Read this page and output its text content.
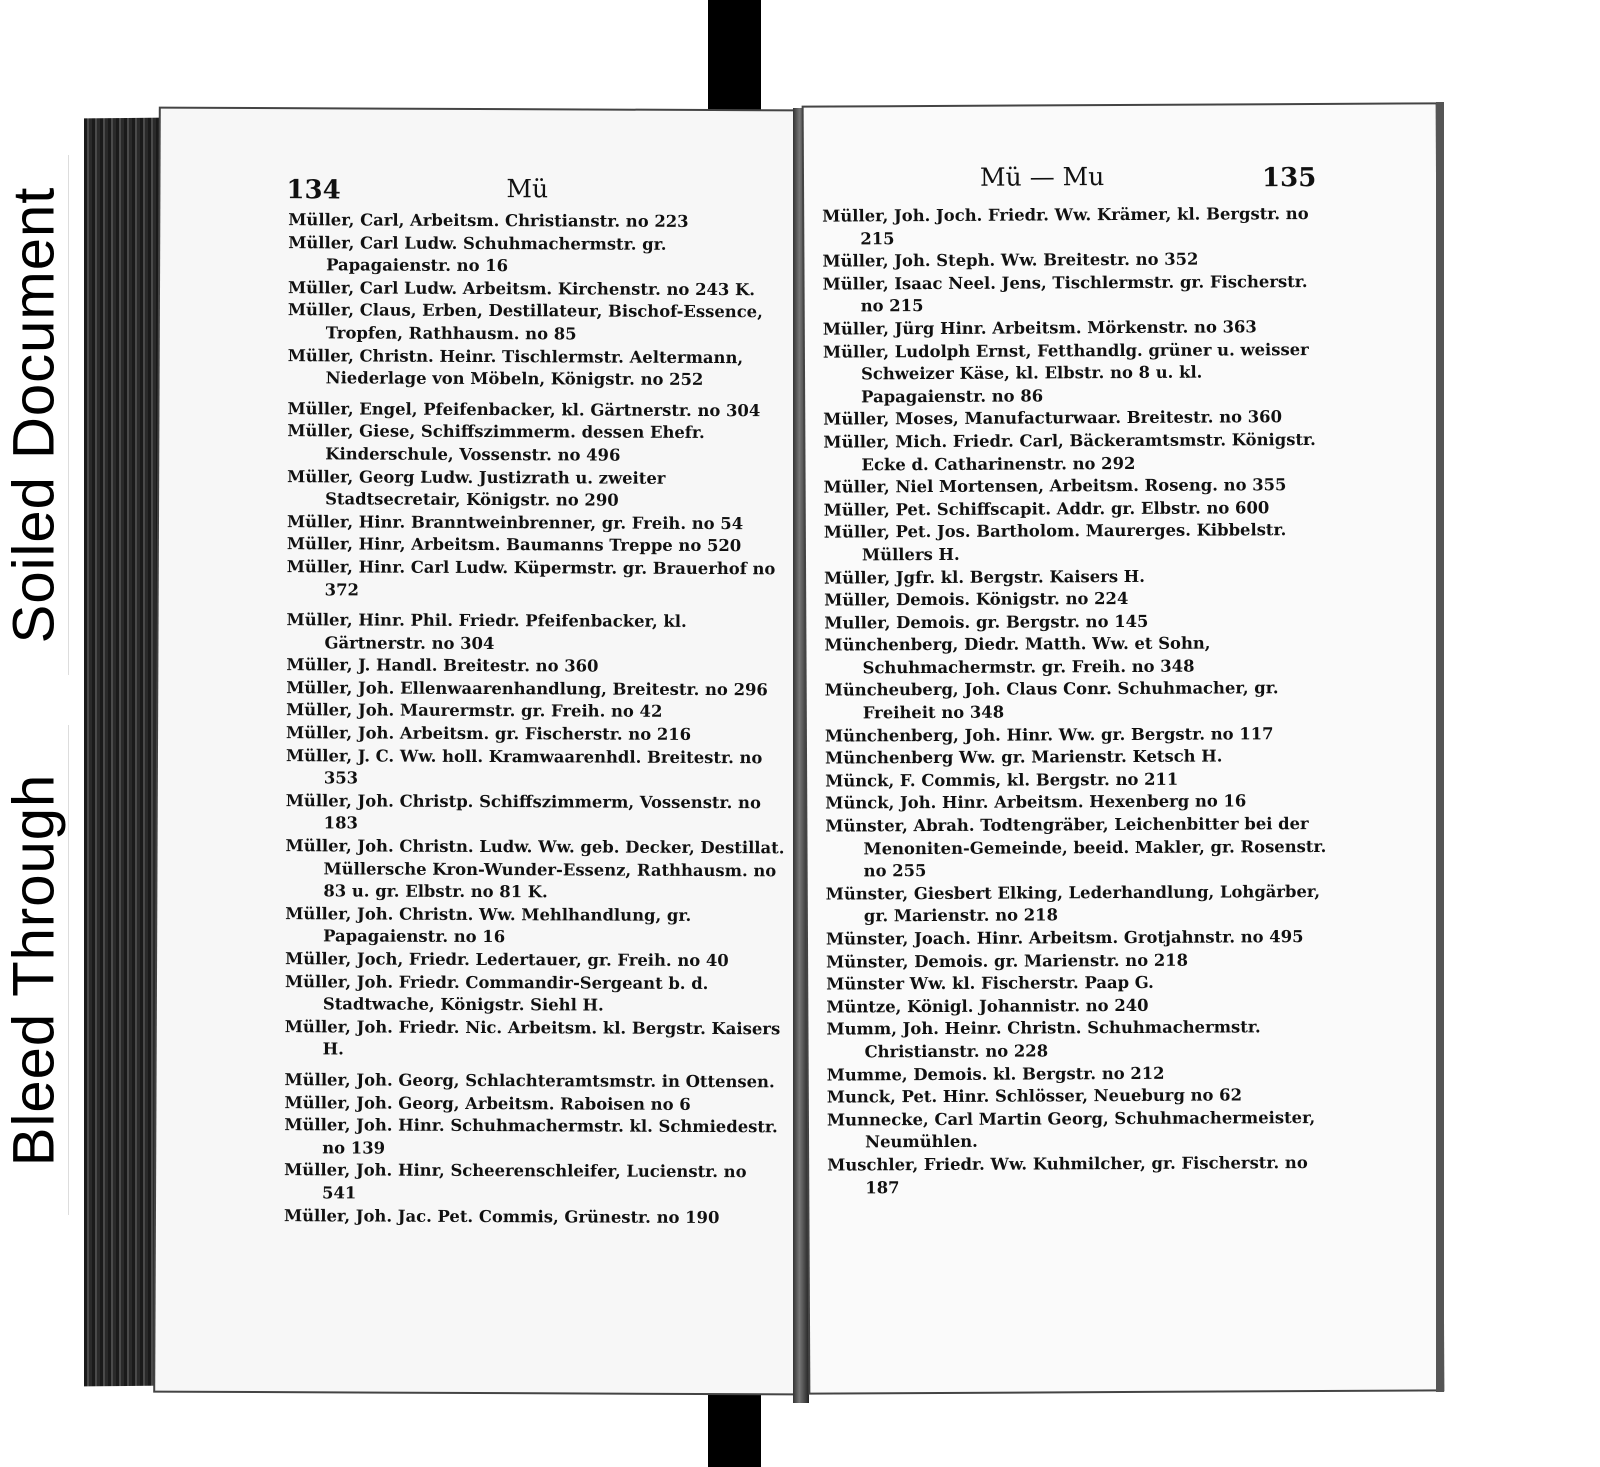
Soiled Document
Bleed Through
134	Mü

Müller, Carl, Arbeitsm. Christianstr. no 223

Müller, Carl Ludw. Schuhmachermstr. gr. Papagaienstr. no 16

Müller, Carl Ludw. Arbeitsm. Kirchenstr. no 243 K.

Müller, Claus, Erben, Destillateur, Bischof-Essence, Tropfen, Rathhausm. no 85

Müller, Christn. Heinr. Tischlermstr. Aeltermann, Niederlage von Möbeln, Königstr. no 252

Müller, Engel, Pfeifenbacker, kl. Gärtnerstr. no 304

Müller, Giese, Schiffszimmerm. dessen Ehefr. Kinderschule, Vossenstr. no 496

Müller, Georg Ludw. Justizrath u. zweiter Stadtsecretair, Königstr. no 290

Müller, Hinr. Branntweinbrenner, gr. Freih. no 54

Müller, Hinr, Arbeitsm. Baumanns Treppe no 520

Müller, Hinr. Carl Ludw. Küpermstr. gr. Brauerhof no 372

Müller, Hinr. Phil. Friedr. Pfeifenbacker, kl. Gärtnerstr. no 304

Müller, J. Handl. Breitestr. no 360

Müller, Joh. Ellenwaarenhandlung, Breitestr. no 296

Müller, Joh. Maurermstr. gr. Freih. no 42

Müller, Joh. Arbeitsm. gr. Fischerstr. no 216

Müller, J. C. Ww. holl. Kramwaarenhdl. Breitestr. no 353

Müller, Joh. Christp. Schiffszimmerm, Vossenstr. no 183

Müller, Joh. Christn. Ludw. Ww. geb. Decker, Destillat. Müllersche Kron-Wunder-Essenz, Rathhausm. no 83 u. gr. Elbstr. no 81 K.

Müller, Joh. Christn. Ww. Mehlhandlung, gr. Papagaienstr. no 16

Müller, Joch, Friedr. Ledertauer, gr. Freih. no 40

Müller, Joh. Friedr. Commandir-Sergeant b. d. Stadtwache, Königstr. Siehl H.

Müller, Joh. Friedr. Nic. Arbeitsm. kl. Bergstr. Kaisers H.

Müller, Joh. Georg, Schlachteramtsmstr. in Ottensen.

Müller, Joh. Georg, Arbeitsm. Raboisen no 6

Müller, Joh. Hinr. Schuhmachermstr. kl. Schmiedestr. no 139

Müller, Joh. Hinr, Scheerenschleifer, Lucienstr. no 541

Müller, Joh. Jac. Pet. Commis, Grünestr. no 190

Mü — Mu	135

Müller, Joh. Joch. Friedr. Ww. Krämer, kl. Bergstr. no 215

Müller, Joh. Steph. Ww. Breitestr. no 352

Müller, Isaac Neel. Jens, Tischlermstr. gr. Fischerstr. no 215

Müller, Jürg Hinr. Arbeitsm. Mörkenstr. no 363

Müller, Ludolph Ernst, Fetthandlg. grüner u. weisser Schweizer Käse, kl. Elbstr. no 8 u. kl. Papagaienstr. no 86

Müller, Moses, Manufacturwaar. Breitestr. no 360

Müller, Mich. Friedr. Carl, Bäckeramtsmstr. Königstr. Ecke d. Catharinenstr. no 292

Müller, Niel Mortensen, Arbeitsm. Roseng. no 355

Müller, Pet. Schiffscapit. Addr. gr. Elbstr. no 600

Müller, Pet. Jos. Bartholom. Maurerges. Kibbelstr. Müllers H.

Müller, Jgfr. kl. Bergstr. Kaisers H.

Müller, Demois. Königstr. no 224

Muller, Demois. gr. Bergstr. no 145

Münchenberg, Diedr. Matth. Ww. et Sohn, Schuhmachermstr. gr. Freih. no 348

Müncheuberg, Joh. Claus Conr. Schuhmacher, gr. Freiheit no 348

Münchenberg, Joh. Hinr. Ww. gr. Bergstr. no 117

Münchenberg Ww. gr. Marienstr. Ketsch H.

Münck, F. Commis, kl. Bergstr. no 211

Münck, Joh. Hinr. Arbeitsm. Hexenberg no 16

Münster, Abrah. Todtengräber, Leichenbitter bei der Menoniten-Gemeinde, beeid. Makler, gr. Rosenstr. no 255

Münster, Giesbert Elking, Lederhandlung, Lohgärber, gr. Marienstr. no 218

Münster, Joach. Hinr. Arbeitsm. Grotjahnstr. no 495

Münster, Demois. gr. Marienstr. no 218

Münster Ww. kl. Fischerstr. Paap G.

Müntze, Königl. Johannistr. no 240

Mumm, Joh. Heinr. Christn. Schuhmachermstr. Christianstr. no 228

Mumme, Demois. kl. Bergstr. no 212

Munck, Pet. Hinr. Schlösser, Neueburg no 62

Munnecke, Carl Martin Georg, Schuhmachermeister, Neumühlen.

Muschler, Friedr. Ww. Kuhmilcher, gr. Fischerstr. no 187
